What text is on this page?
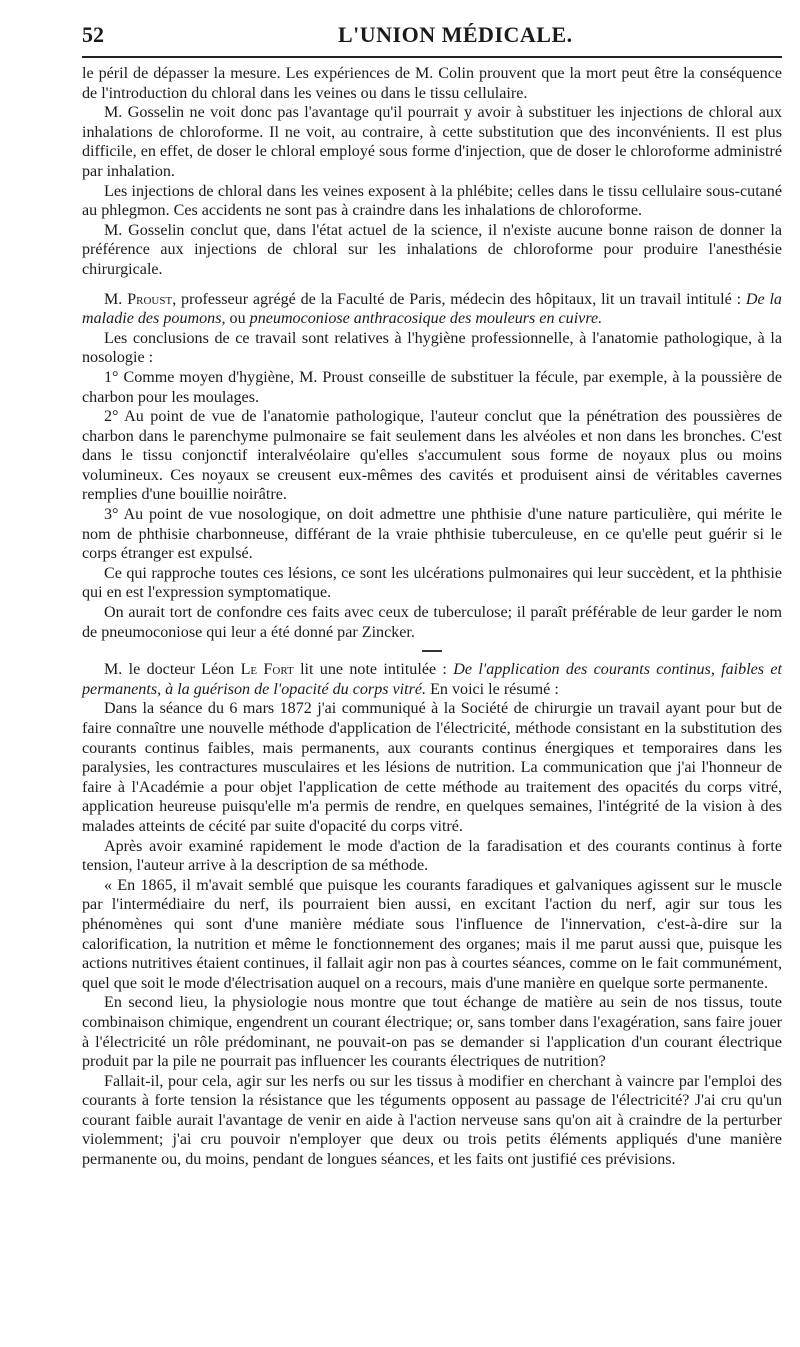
52	L'UNION MÉDICALE.

le péril de dépasser la mesure. Les expériences de M. Colin prouvent que la mort peut être la conséquence de l'introduction du chloral dans les veines ou dans le tissu cellulaire.

M. Gosselin ne voit donc pas l'avantage qu'il pourrait y avoir à substituer les injections de chloral aux inhalations de chloroforme. Il ne voit, au contraire, à cette substitution que des inconvénients. Il est plus difficile, en effet, de doser le chloral employé sous forme d'injection, que de doser le chloroforme administré par inhalation.

Les injections de chloral dans les veines exposent à la phlébite; celles dans le tissu cellulaire sous-cutané au phlegmon. Ces accidents ne sont pas à craindre dans les inhalations de chloroforme.

M. Gosselin conclut que, dans l'état actuel de la science, il n'existe aucune bonne raison de donner la préférence aux injections de chloral sur les inhalations de chloroforme pour produire l'anesthésie chirurgicale.

M. Proust, professeur agrégé de la Faculté de Paris, médecin des hôpitaux, lit un travail intitulé : De la maladie des poumons, ou pneumoconiose anthracosique des mouleurs en cuivre.

Les conclusions de ce travail sont relatives à l'hygiène professionnelle, à l'anatomie pathologique, à la nosologie :

1° Comme moyen d'hygiène, M. Proust conseille de substituer la fécule, par exemple, à la poussière de charbon pour les moulages.

2° Au point de vue de l'anatomie pathologique, l'auteur conclut que la pénétration des poussières de charbon dans le parenchyme pulmonaire se fait seulement dans les alvéoles et non dans les bronches. C'est dans le tissu conjonctif interalvéolaire qu'elles s'accumulent sous forme de noyaux plus ou moins volumineux. Ces noyaux se creusent eux-mêmes des cavités et produisent ainsi de véritables cavernes remplies d'une bouillie noirâtre.

3° Au point de vue nosologique, on doit admettre une phthisie d'une nature particulière, qui mérite le nom de phthisie charbonneuse, différant de la vraie phthisie tuberculeuse, en ce qu'elle peut guérir si le corps étranger est expulsé.

Ce qui rapproche toutes ces lésions, ce sont les ulcérations pulmonaires qui leur succèdent, et la phthisie qui en est l'expression symptomatique.

On aurait tort de confondre ces faits avec ceux de tuberculose; il paraît préférable de leur garder le nom de pneumoconiose qui leur a été donné par Zincker.

M. le docteur Léon Le Fort lit une note intitulée : De l'application des courants continus, faibles et permanents, à la guérison de l'opacité du corps vitré. En voici le résumé :

Dans la séance du 6 mars 1872 j'ai communiqué à la Société de chirurgie un travail ayant pour but de faire connaître une nouvelle méthode d'application de l'électricité, méthode consistant en la substitution des courants continus faibles, mais permanents, aux courants continus énergiques et temporaires dans les paralysies, les contractures musculaires et les lésions de nutrition. La communication que j'ai l'honneur de faire à l'Académie a pour objet l'application de cette méthode au traitement des opacités du corps vitré, application heureuse puisqu'elle m'a permis de rendre, en quelques semaines, l'intégrité de la vision à des malades atteints de cécité par suite d'opacité du corps vitré.

Après avoir examiné rapidement le mode d'action de la faradisation et des courants continus à forte tension, l'auteur arrive à la description de sa méthode.

« En 1865, il m'avait semblé que puisque les courants faradiques et galvaniques agissent sur le muscle par l'intermédiaire du nerf, ils pourraient bien aussi, en excitant l'action du nerf, agir sur tous les phénomènes qui sont d'une manière médiate sous l'influence de l'innervation, c'est-à-dire sur la calorification, la nutrition et même le fonctionnement des organes; mais il me parut aussi que, puisque les actions nutritives étaient continues, il fallait agir non pas à courtes séances, comme on le fait communément, quel que soit le mode d'électrisation auquel on a recours, mais d'une manière en quelque sorte permanente.

En second lieu, la physiologie nous montre que tout échange de matière au sein de nos tissus, toute combinaison chimique, engendrent un courant électrique; or, sans tomber dans l'exagération, sans faire jouer à l'électricité un rôle prédominant, ne pouvait-on pas se demander si l'application d'un courant électrique produit par la pile ne pourrait pas influencer les courants électriques de nutrition?

Fallait-il, pour cela, agir sur les nerfs ou sur les tissus à modifier en cherchant à vaincre par l'emploi des courants à forte tension la résistance que les téguments opposent au passage de l'électricité? J'ai cru qu'un courant faible aurait l'avantage de venir en aide à l'action nerveuse sans qu'on ait à craindre de la perturber violemment; j'ai cru pouvoir n'employer que deux ou trois petits éléments appliqués d'une manière permanente ou, du moins, pendant de longues séances, et les faits ont justifié ces prévisions.
